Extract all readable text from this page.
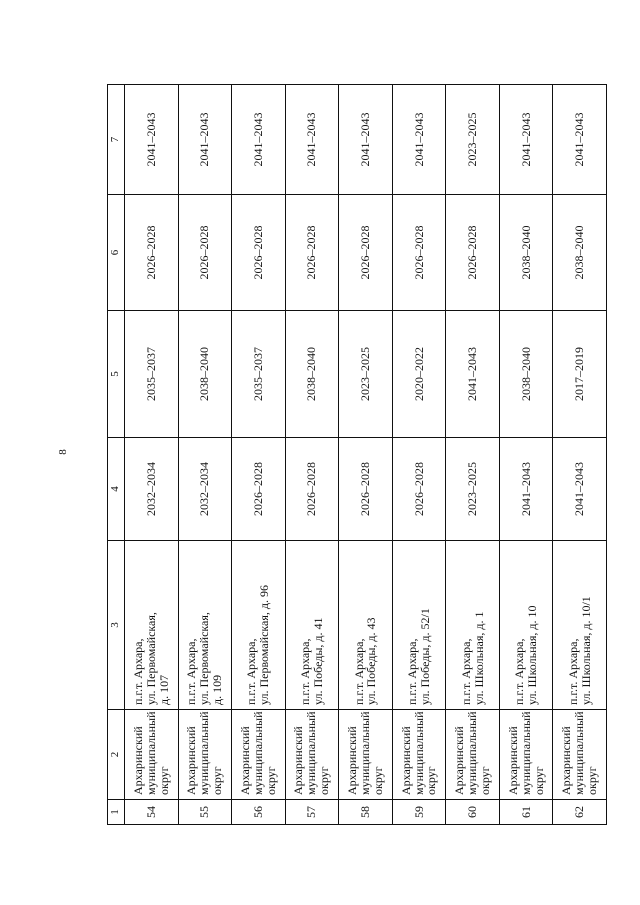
8
1	2	3	4	5	6	7
54	Архаринский
муниципальный
округ	п.г.т. Архара,
ул. Первомайская,
д. 107	2032–2034	2035–2037	2026–2028	2041–2043
55	Архаринский
муниципальный
округ	п.г.т. Архара,
ул. Первомайская,
д. 109	2032–2034	2038–2040	2026–2028	2041–2043
56	Архаринский
муниципальный
округ	п.г.т. Архара,
ул. Первомайская, д. 96	2026–2028	2035–2037	2026–2028	2041–2043
57	Архаринский
муниципальный
округ	п.г.т. Архара,
ул. Победы, д. 41	2026–2028	2038–2040	2026–2028	2041–2043
58	Архаринский
муниципальный
округ	п.г.т. Архара,
ул. Победы, д. 43	2026–2028	2023–2025	2026–2028	2041–2043
59	Архаринский
муниципальный
округ	п.г.т. Архара,
ул. Победы, д. 52/1	2026–2028	2020–2022	2026–2028	2041–2043
60	Архаринский
муниципальный
округ	п.г.т. Архара,
ул. Школьная, д. 1	2023–2025	2041–2043	2026–2028	2023–2025
61	Архаринский
муниципальный
округ	п.г.т. Архара,
ул. Школьная, д. 10	2041–2043	2038–2040	2038–2040	2041–2043
62	Архаринский
муниципальный
округ	п.г.т. Архара,
ул. Школьная, д. 10/1	2041–2043	2017–2019	2038–2040	2041–2043
